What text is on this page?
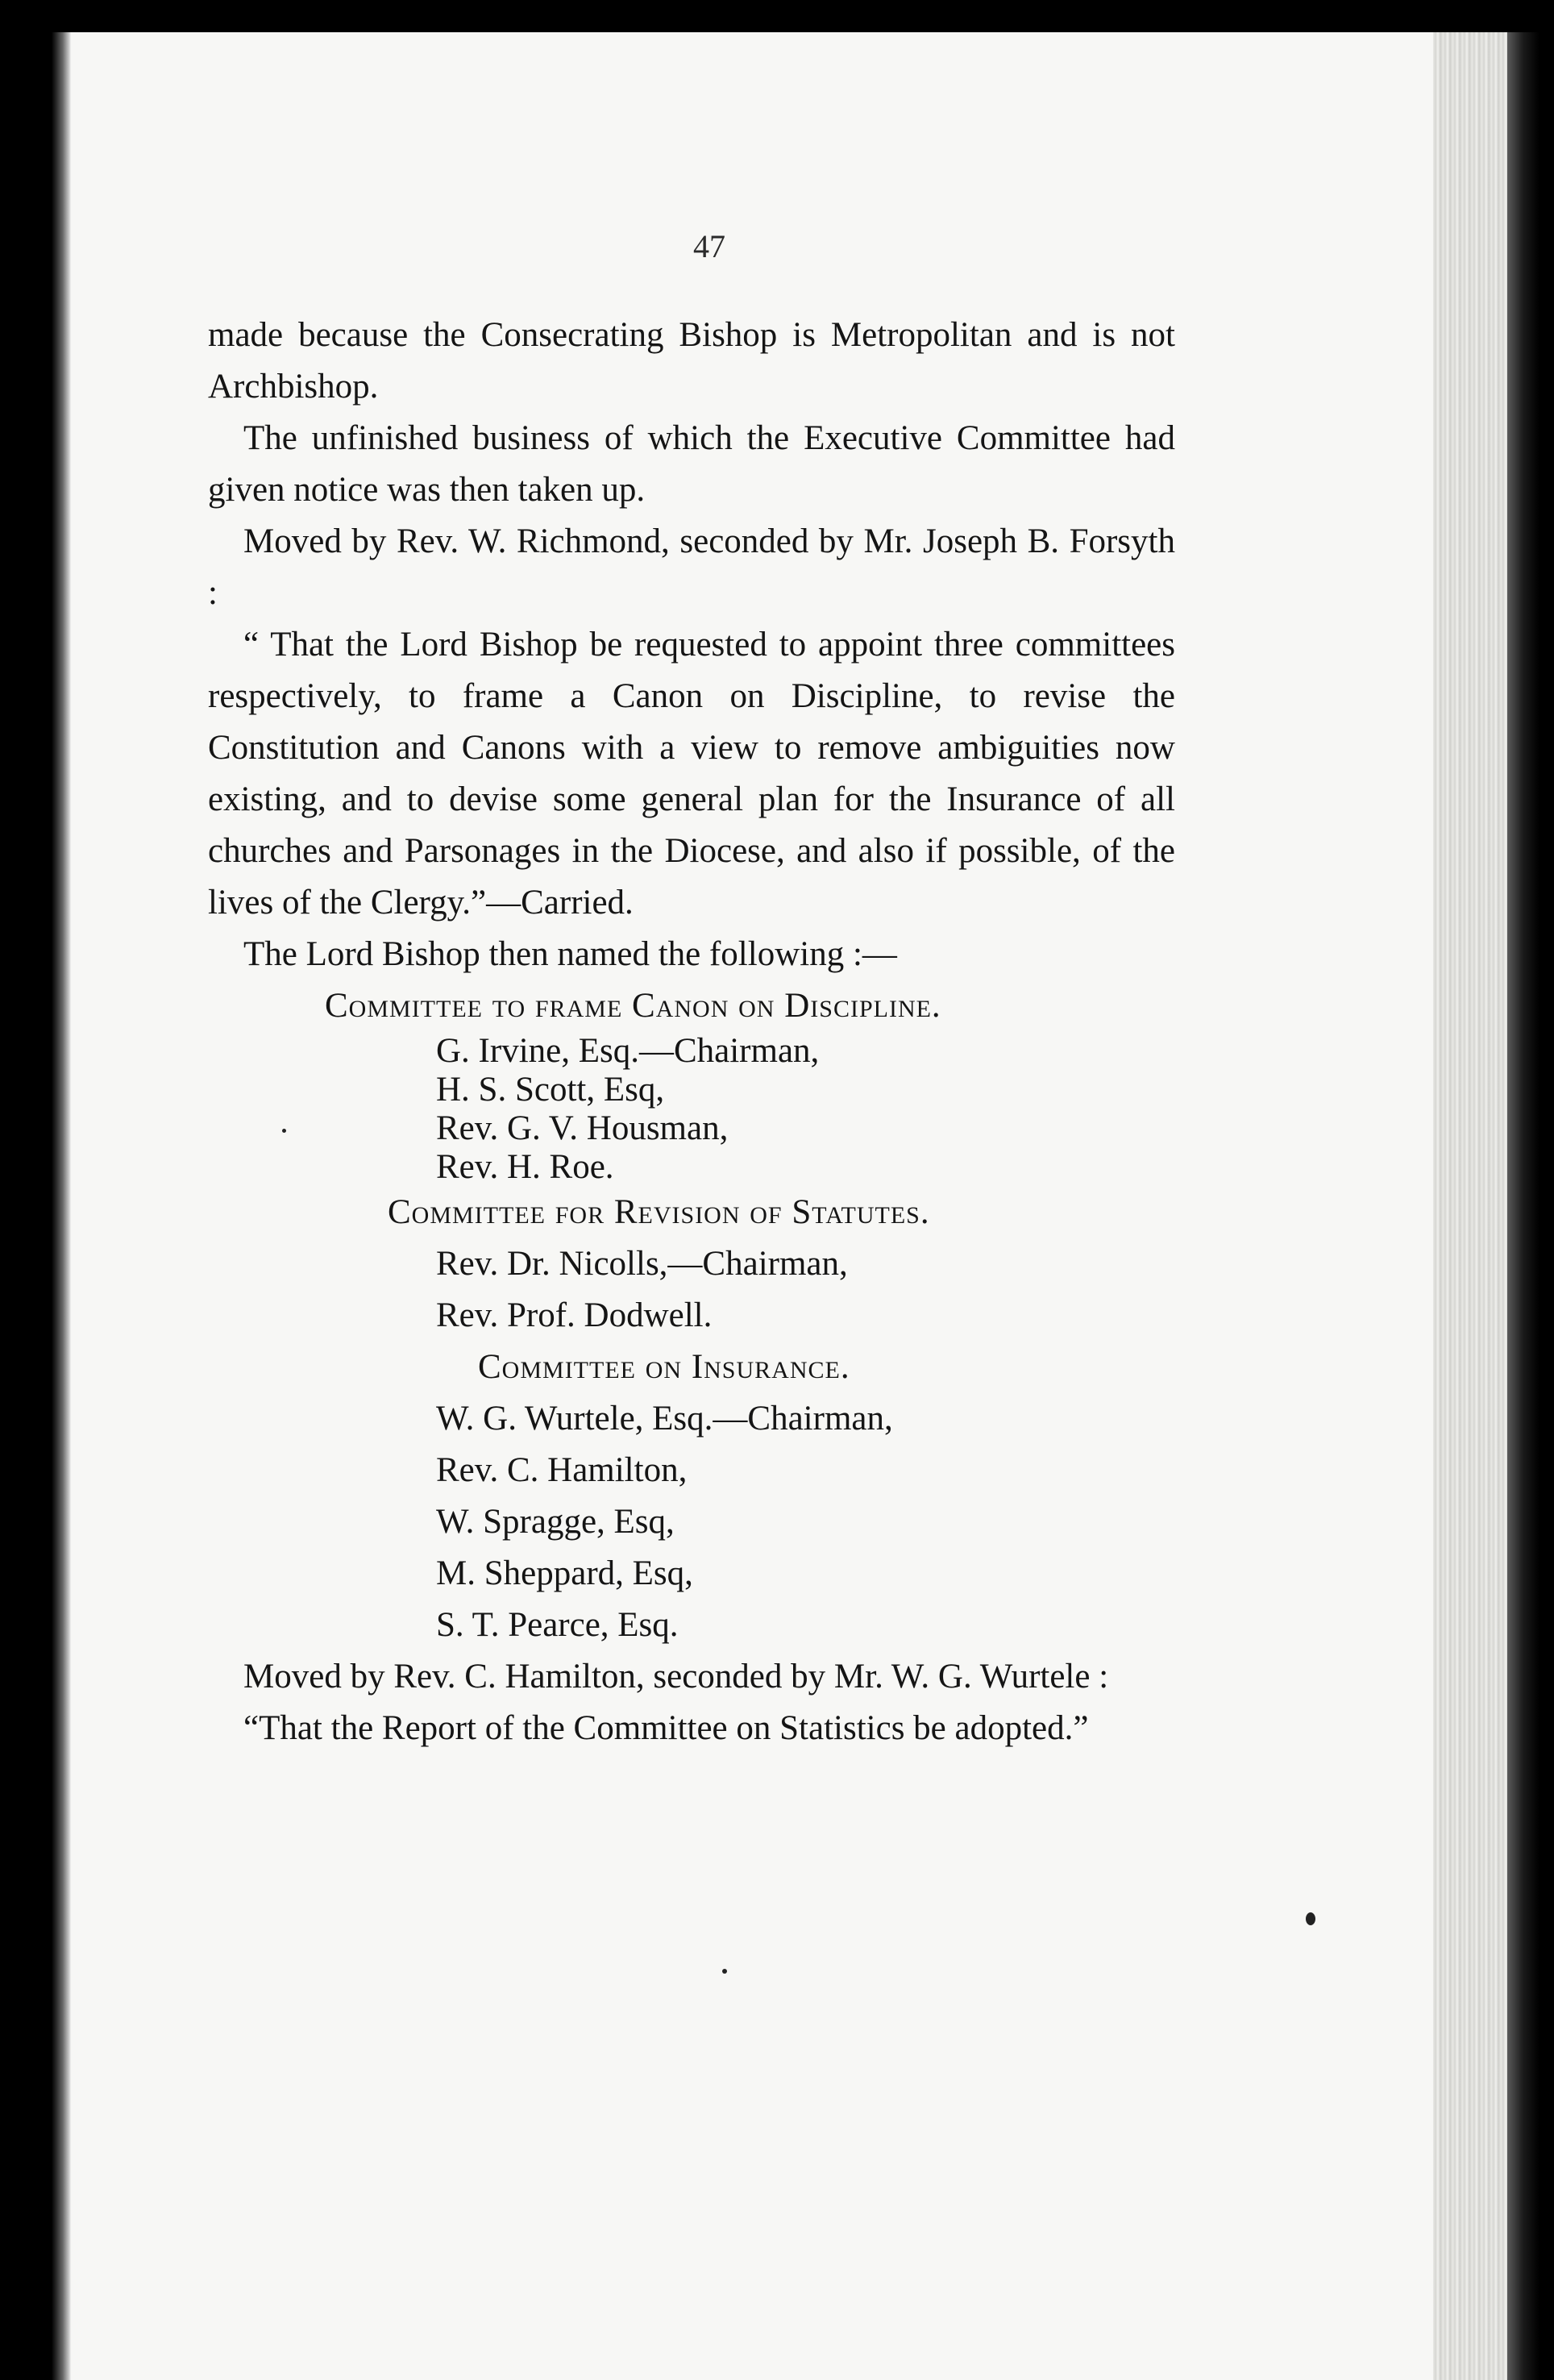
47

made because the Consecrating Bishop is Metropolitan and is not Archbishop.

The unfinished business of which the Executive Committee had given notice was then taken up.

Moved by Rev. W. Richmond, seconded by Mr. Joseph B. Forsyth :

“ That the Lord Bishop be requested to appoint three committees respectively, to frame a Canon on Discipline, to revise the Constitution and Canons with a view to remove ambiguities now existing, and to devise some general plan for the Insurance of all churches and Parsonages in the Diocese, and also if possible, of the lives of the Clergy.”—Carried.

The Lord Bishop then named the following :—

Committee to frame Canon on Discipline.

G. Irvine, Esq.—Chairman,

H. S. Scott, Esq,

Rev. G. V. Housman,

Rev. H. Roe.

Committee for Revision of Statutes.

Rev. Dr. Nicolls,—Chairman,

Rev. Prof. Dodwell.

Committee on Insurance.

W. G. Wurtele, Esq.—Chairman,

Rev. C. Hamilton,

W. Spragge, Esq,

M. Sheppard, Esq,

S. T. Pearce, Esq.

Moved by Rev. C. Hamilton, seconded by Mr. W. G. Wurtele :

“That the Report of the Committee on Statistics be adopted.”
